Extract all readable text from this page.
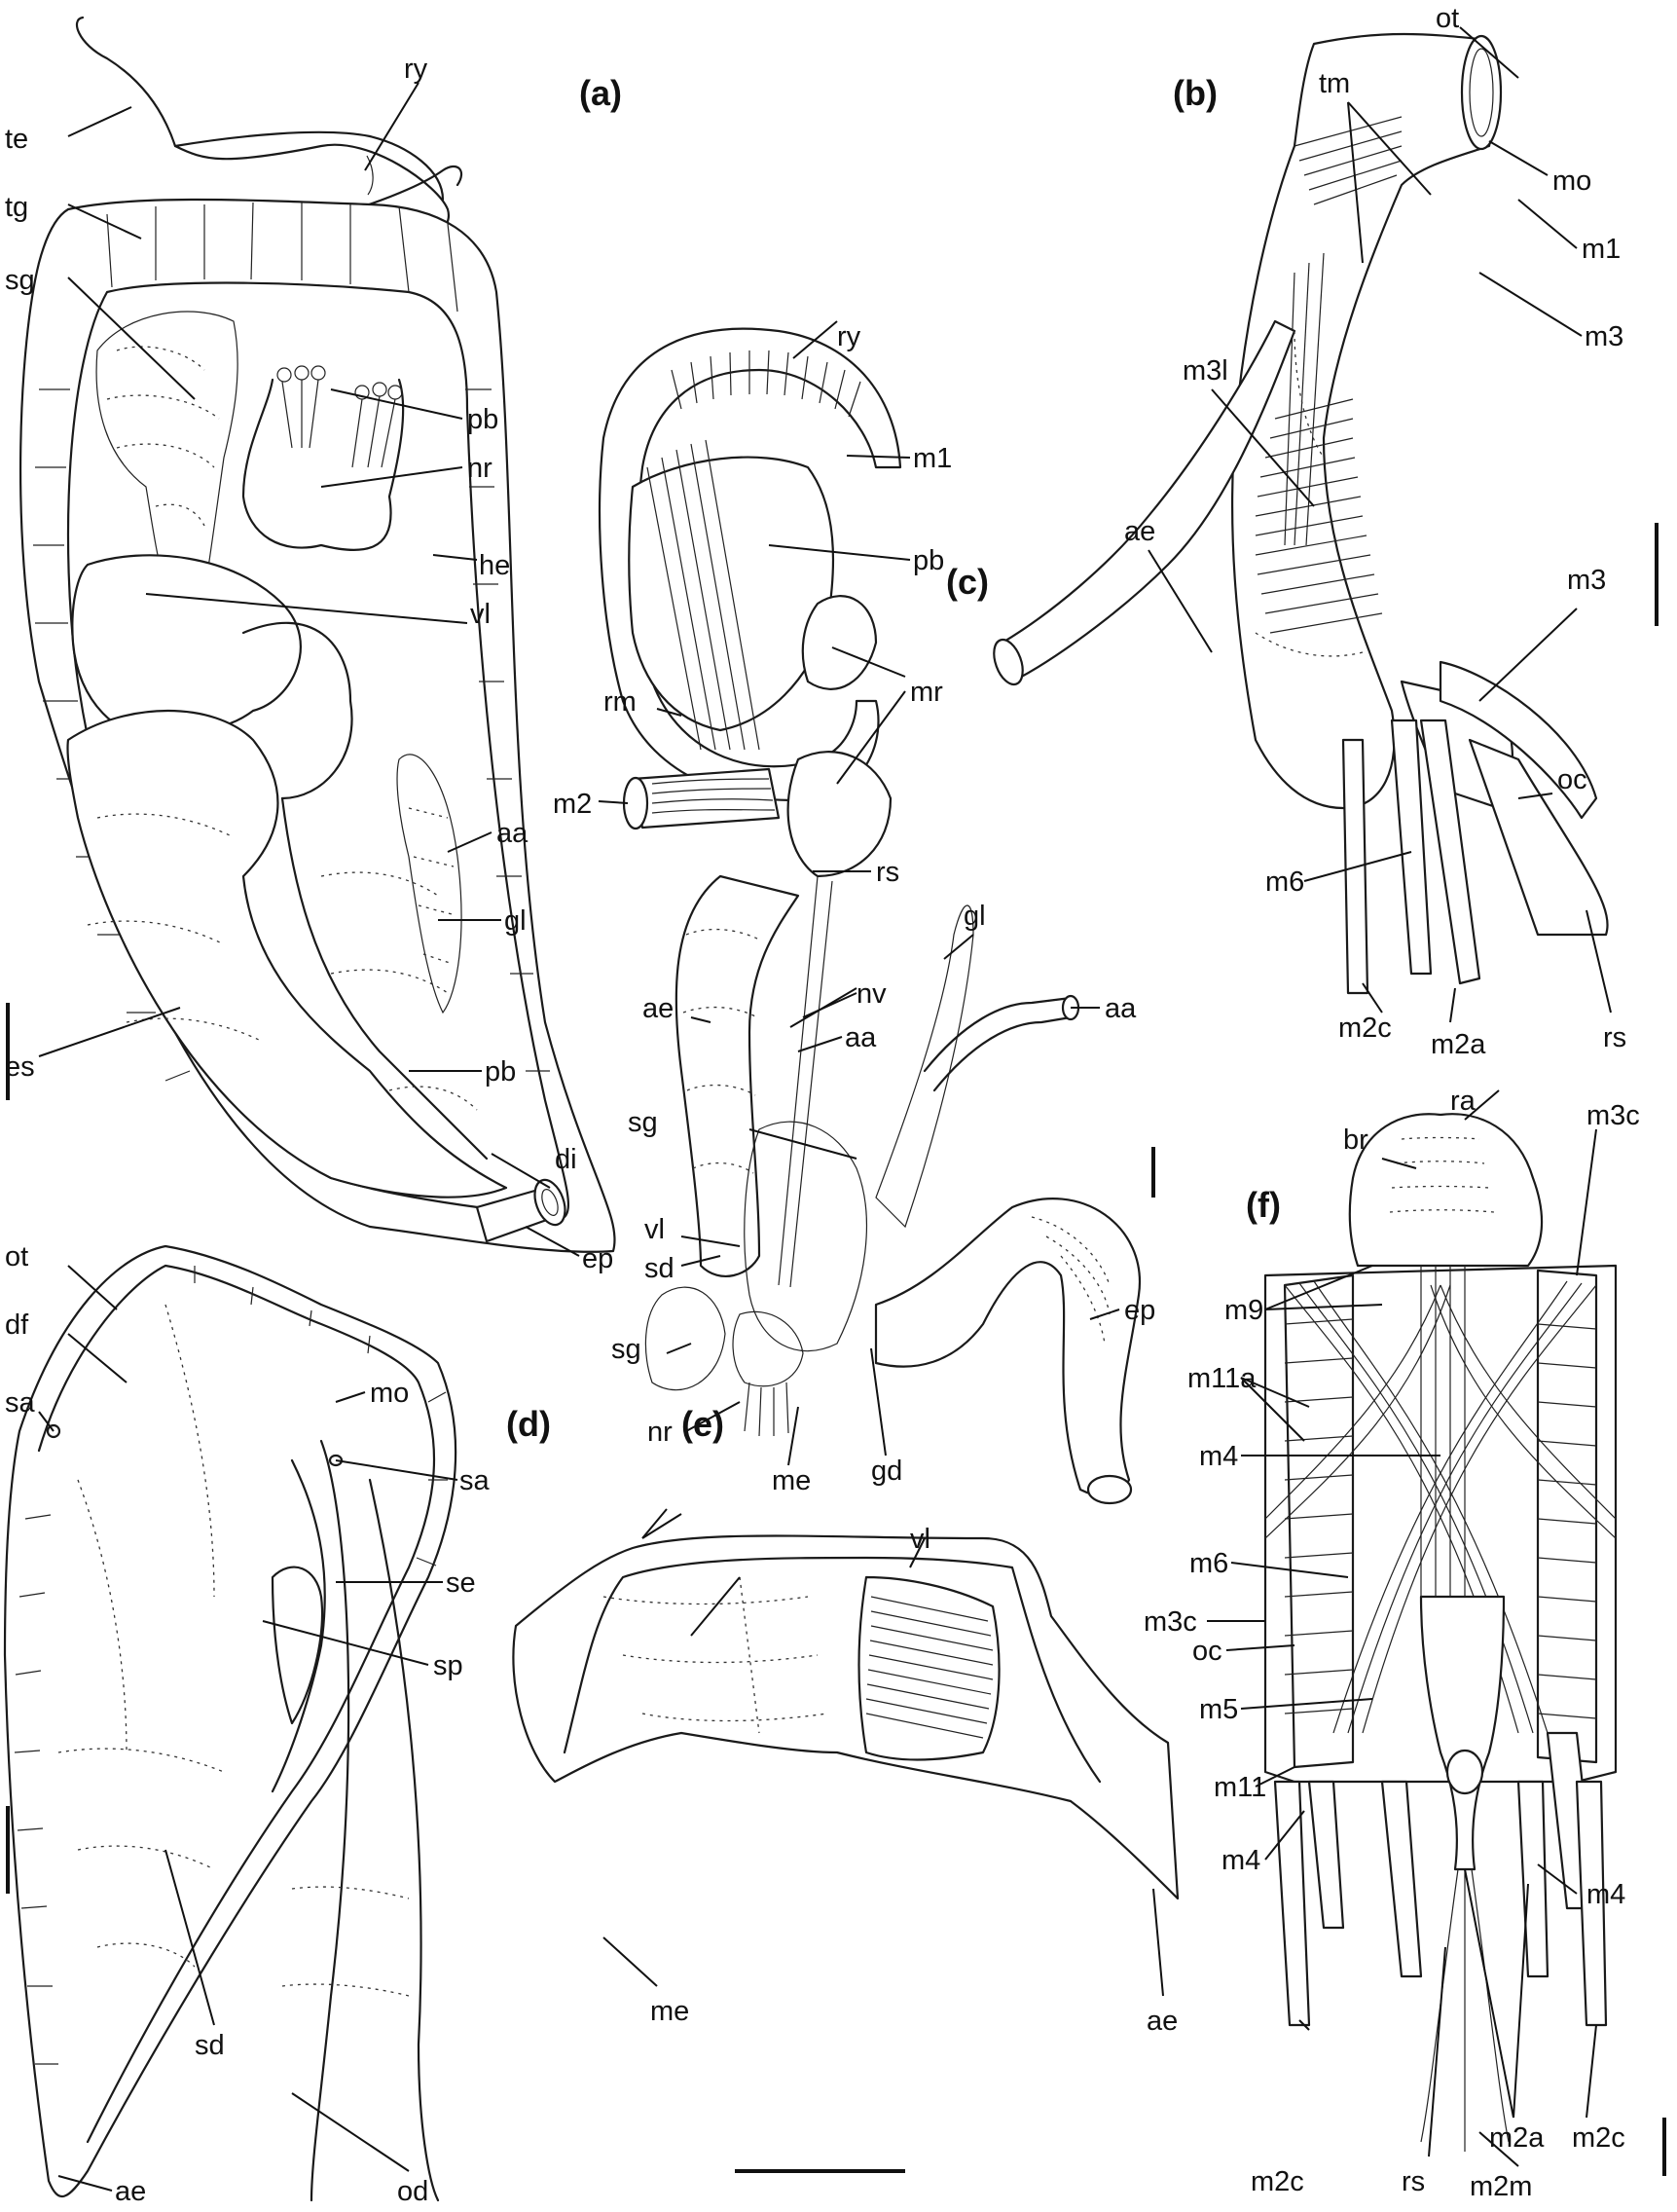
(a)	(b)
(c)
(d)	(e)
(f)
ry
te
tg
sg
pb
nr
he
vl
aa
gl
es	pb
di
ep
ot
tm
mo
m1
m3
m3l
ae
m3
oc
m6
m2c
m2a	rs
ry
m1
pb
mr
rm
m2
rs
gl
aa
ae	nv
aa
sg
vl
sd
sg
nr
me gd
ep
ot
df
sa	mo
sa
se
sp
sd
ae	od
vl
me	ae
ra
br
m3c
m9
m11a
m4
m6
m3c
oc
m5
m11
m4
m4
m2c	rs m2m
m2a m2c
